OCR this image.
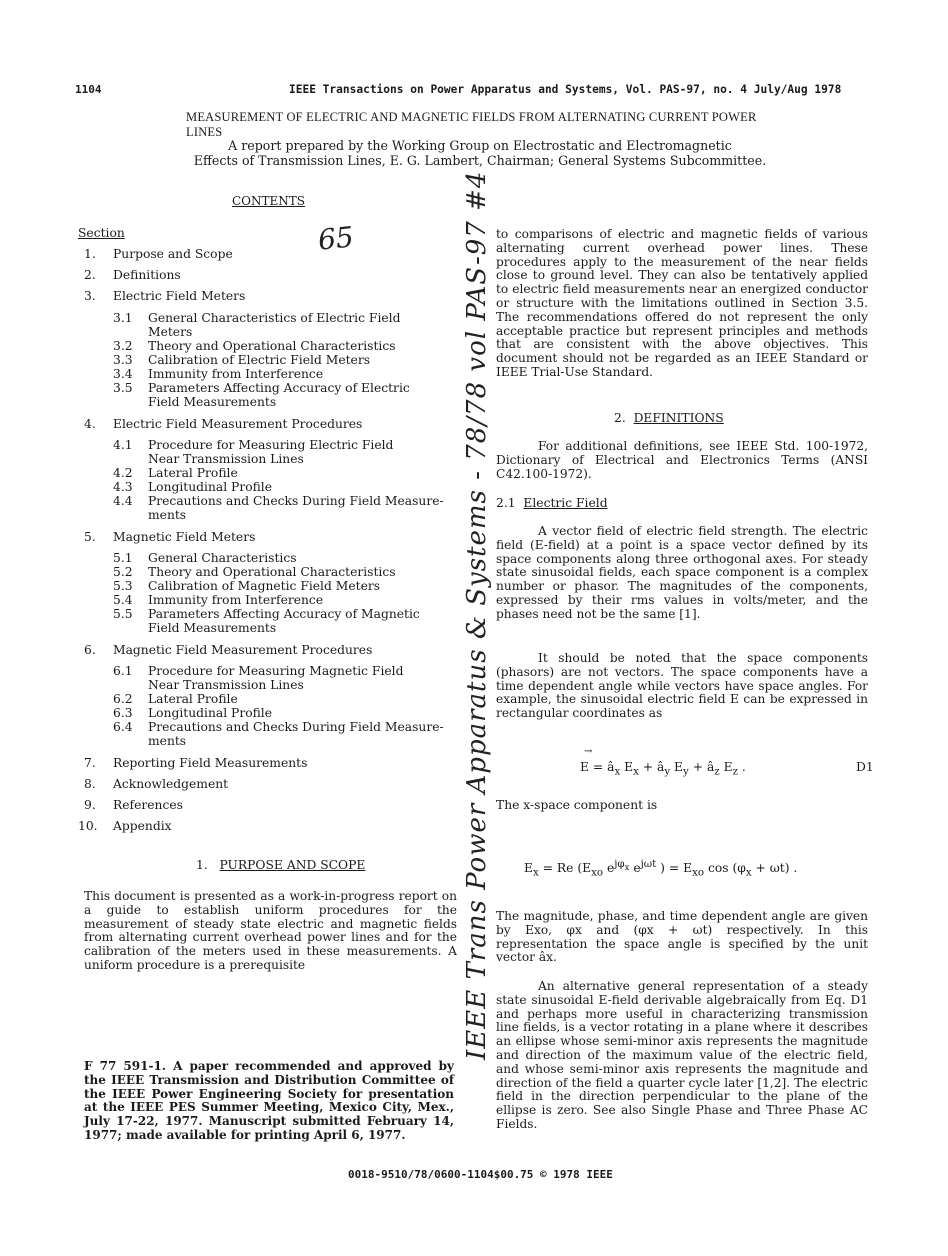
1104	IEEE Transactions on Power Apparatus and Systems, Vol. PAS-97, no. 4 July/Aug 1978
MEASUREMENT OF ELECTRIC AND MAGNETIC FIELDS FROM ALTERNATING CURRENT POWER LINES
A report prepared by the Working Group on Electrostatic and Electromagnetic
Effects of Transmission Lines, E. G. Lambert, Chairman; General Systems Subcommittee.
CONTENTS
Section
1. Purpose and Scope
2. Definitions
3. Electric Field Meters
3.1 General Characteristics of Electric Field
Meters
3.2 Theory and Operational Characteristics
3.3 Calibration of Electric Field Meters
3.4 Immunity from Interference
3.5 Parameters Affecting Accuracy of Electric
Field Measurements
4. Electric Field Measurement Procedures
4.1 Procedure for Measuring Electric Field
Near Transmission Lines
4.2 Lateral Profile
4.3 Longitudinal Profile
4.4 Precautions and Checks During Field Measure-
ments
5. Magnetic Field Meters
5.1 General Characteristics
5.2 Theory and Operational Characteristics
5.3 Calibration of Magnetic Field Meters
5.4 Immunity from Interference
5.5 Parameters Affecting Accuracy of Magnetic
Field Measurements
6. Magnetic Field Measurement Procedures
6.1 Procedure for Measuring Magnetic Field
Near Transmission Lines
6.2 Lateral Profile
6.3 Longitudinal Profile
6.4 Precautions and Checks During Field Measure-
ments
7. Reporting Field Measurements
8. Acknowledgement
9. References
10. Appendix
65	IEEE Trans Power Apparatus & Systems - 78/78 vol PAS-97 #4
1. PURPOSE AND SCOPE
This document is presented as a work-in-progress report on a guide to establish uniform procedures for the measurement of steady state electric and magnetic fields from alternating current overhead power lines and for the calibration of the meters used in these measurements. A uniform procedure is a prerequisite
F 77 591-1. A paper recommended and approved by the IEEE Transmission and Distribution Committee of the IEEE Power Engineering Society for presentation at the IEEE PES Summer Meeting, Mexico City, Mex., July 17-22, 1977. Manuscript submitted February 14, 1977; made available for printing April 6, 1977.
to comparisons of electric and magnetic fields of various alternating current overhead power lines. These procedures apply to the measurement of the near fields close to ground level. They can also be tentatively applied to electric field measurements near an energized conductor or structure with the limitations outlined in Section 3.5. The recommendations offered do not represent the only acceptable practice but represent principles and methods that are consistent with the above objectives. This document should not be regarded as an IEEE Standard or IEEE Trial-Use Standard.
2. DEFINITIONS
For additional definitions, see IEEE Std. 100-1972, Dictionary of Electrical and Electronics Terms (ANSI C42.100-1972).
2.1 Electric Field
A vector field of electric field strength. The electric field (E-field) at a point is a space vector defined by its space components along three orthogonal axes. For steady state sinusoidal fields, each space component is a complex number or phasor. The magnitudes of the components, expressed by their rms values in volts/meter, and the phases need not be the same [1].
It should be noted that the space components (phasors) are not vectors. The space components have a time dependent angle while vectors have space angles. For example, the sinusoidal electric field E can be expressed in rectangular coordinates as
$E = â_x$ $E_x$ + $â_y$ $E_y$ + $â_z$ $E_z$ .
→
D1
The x-space component is
$E_x = Re$ ($E_{xo}$ $e^{j\varphi_x}$ $e^{j\omega t}$ ) = $E_{xo}$ $\cos (\varphi_x + \omega t)$ .
The magnitude, phase, and time dependent angle are given by Exo, φx and (φx + ωt) respectively. In this representation the space angle is specified by the unit vector âx.
An alternative general representation of a steady state sinusoidal E-field derivable algebraically from Eq. D1 and perhaps more useful in characterizing transmission line fields, is a vector rotating in a plane where it describes an ellipse whose semi-minor axis represents the magnitude and direction of the maximum value of the electric field, and whose semi-minor axis represents the magnitude and direction of the field a quarter cycle later [1,2]. The electric field in the direction perpendicular to the plane of the ellipse is zero. See also Single Phase and Three Phase AC Fields.
0018-9510/78/0600-1104$00.75 © 1978 IEEE
